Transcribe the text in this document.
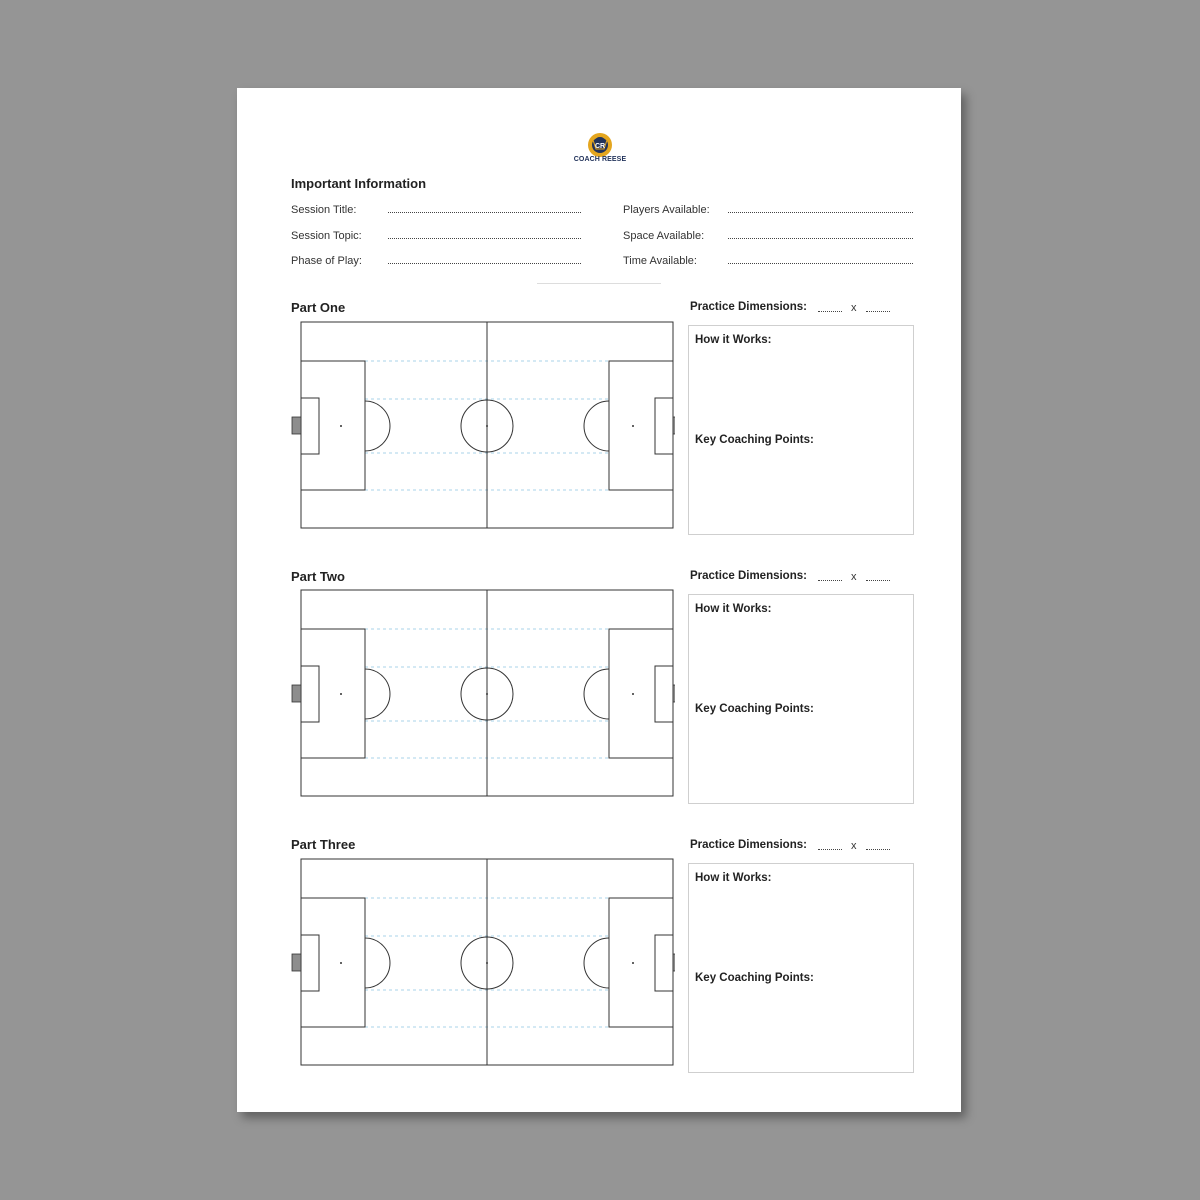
CR
COACH REESE
Important Information
Session Title:
Session Topic:
Phase of Play:
Players Available:
Space Available:
Time Available:
Part One	Practice Dimensions:	x
How it Works:
Key Coaching Points:
Part Two	Practice Dimensions:	x
How it Works:
Key Coaching Points:
Part Three	Practice Dimensions:	x
How it Works:
Key Coaching Points:
